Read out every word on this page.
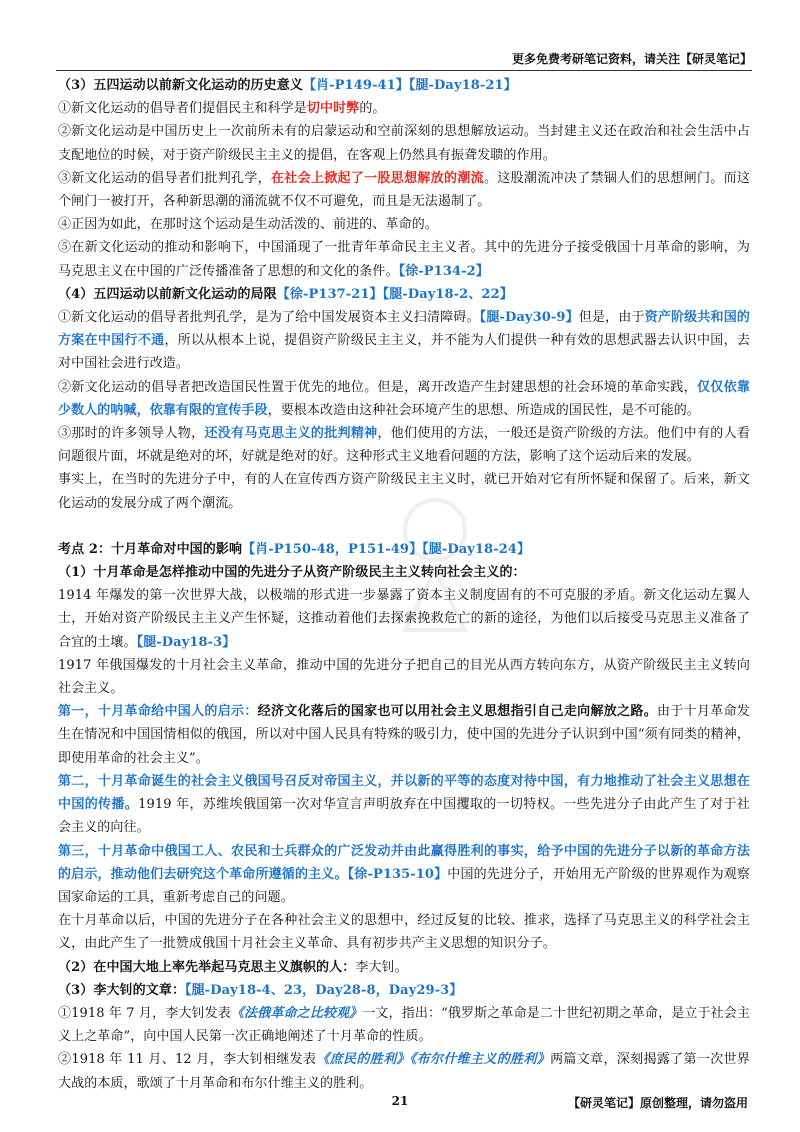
更多免费考研笔记资料，请关注【研灵笔记】
（3）五四运动以前新文化运动的历史意义【肖-P149-41】【腿-Day18-21】
①新文化运动的倡导者们提倡民主和科学是切中时弊的。
②新文化运动是中国历史上一次前所未有的启蒙运动和空前深刻的思想解放运动。当封建主义还在政治和社会生活中占支配地位的时候，对于资产阶级民主主义的提倡，在客观上仍然具有振聋发聩的作用。
③新文化运动的倡导者们批判孔学，在社会上掀起了一股思想解放的潮流。这股潮流冲决了禁锢人们的思想闸门。而这个闸门一被打开，各种新思潮的涌流就不仅不可避免，而且是无法遏制了。
④正因为如此，在那时这个运动是生动活泼的、前进的、革命的。
⑤在新文化运动的推动和影响下，中国涌现了一批青年革命民主主义者。其中的先进分子接受俄国十月革命的影响，为马克思主义在中国的广泛传播准备了思想的和文化的条件。【徐-P134-2】
（4）五四运动以前新文化运动的局限【徐-P137-21】【腿-Day18-2、22】
①新文化运动的倡导者批判孔学，是为了给中国发展资本主义扫清障碍。【腿-Day30-9】但是，由于资产阶级共和国的方案在中国行不通，所以从根本上说，提倡资产阶级民主主义，并不能为人们提供一种有效的思想武器去认识中国，去对中国社会进行改造。
②新文化运动的倡导者把改造国民性置于优先的地位。但是，离开改造产生封建思想的社会环境的革命实践，仅仅依靠少数人的呐喊，依靠有限的宣传手段，要根本改造由这种社会环境产生的思想、所造成的国民性，是不可能的。
③那时的许多领导人物，还没有马克思主义的批判精神，他们使用的方法，一般还是资产阶级的方法。他们中有的人看问题很片面，坏就是绝对的坏，好就是绝对的好。这种形式主义地看问题的方法，影响了这个运动后来的发展。
事实上，在当时的先进分子中，有的人在宣传西方资产阶级民主主义时，就已开始对它有所怀疑和保留了。后来，新文化运动的发展分成了两个潮流。
考点 2：十月革命对中国的影响【肖-P150-48，P151-49】【腿-Day18-24】
（1）十月革命是怎样推动中国的先进分子从资产阶级民主主义转向社会主义的：
1914 年爆发的第一次世界大战，以极端的形式进一步暴露了资本主义制度固有的不可克服的矛盾。新文化运动左翼人士，开始对资产阶级民主主义产生怀疑，这推动着他们去探索挽救危亡的新的途径，为他们以后接受马克思主义准备了合宜的土壤。【腿-Day18-3】
1917 年俄国爆发的十月社会主义革命，推动中国的先进分子把自己的目光从西方转向东方，从资产阶级民主主义转向社会主义。
第一，十月革命给中国人的启示：经济文化落后的国家也可以用社会主义思想指引自己走向解放之路。由于十月革命发生在情况和中国国情相似的俄国，所以对中国人民具有特殊的吸引力，使中国的先进分子认识到中国“须有同类的精神，即使用革命的社会主义”。
第二，十月革命诞生的社会主义俄国号召反对帝国主义，并以新的平等的态度对待中国，有力地推动了社会主义思想在中国的传播。1919 年，苏维埃俄国第一次对华宣言声明放弃在中国攫取的一切特权。一些先进分子由此产生了对于社会主义的向往。
第三，十月革命中俄国工人、农民和士兵群众的广泛发动并由此赢得胜利的事实，给予中国的先进分子以新的革命方法的启示，推动他们去研究这个革命所遵循的主义。【徐-P135-10】中国的先进分子，开始用无产阶级的世界观作为观察国家命运的工具，重新考虑自己的问题。
在十月革命以后，中国的先进分子在各种社会主义的思想中，经过反复的比较、推求，选择了马克思主义的科学社会主义，由此产生了一批赞成俄国十月社会主义革命、具有初步共产主义思想的知识分子。
（2）在中国大地上率先举起马克思主义旗帜的人：李大钊。
（3）李大钊的文章：【腿-Day18-4、23，Day28-8，Day29-3】
①1918 年 7 月，李大钊发表《法俄革命之比较观》一文，指出：“俄罗斯之革命是二十世纪初期之革命，是立于社会主义上之革命”，向中国人民第一次正确地阐述了十月革命的性质。
②1918 年 11 月、12 月，李大钊相继发表《庶民的胜利》《布尔什维主义的胜利》两篇文章，深刻揭露了第一次世界大战的本质，歌颂了十月革命和布尔什维主义的胜利。
21	【研灵笔记】原创整理，请勿盗用
